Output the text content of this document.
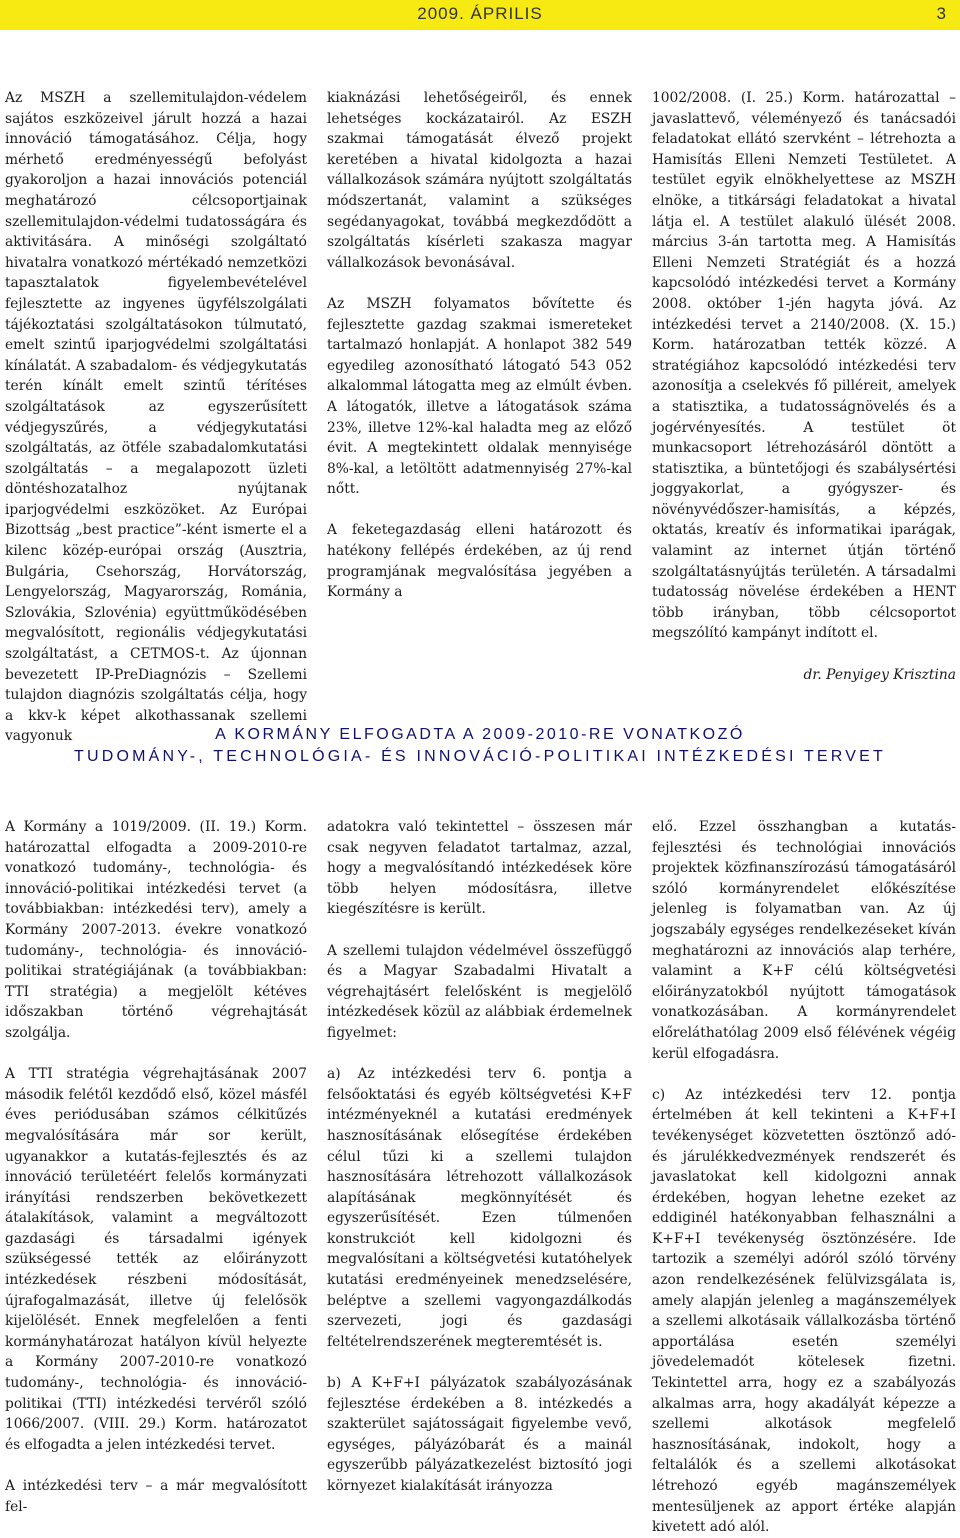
2009. ÁPRILIS	3

Az MSZH a szellemitulajdon-védelem sajátos eszközeivel járult hozzá a hazai innováció támogatásához. Célja, hogy mérhető eredményességű befolyást gyakoroljon a hazai innovációs potenciál meghatározó célcsoportjainak szellemitulajdon-védelmi tudatosságára és aktivitására. A minőségi szolgáltató hivatalra vonatkozó mértékadó nemzetközi tapasztalatok figyelembevételével fejlesztette az ingyenes ügyfélszolgálati tájékoztatási szolgáltatásokon túlmutató, emelt szintű iparjogvédelmi szolgáltatási kínálatát. A szabadalom- és védjegykutatás terén kínált emelt szintű térítéses szolgáltatások az egyszerűsített védjegyszűrés, a védjegykutatási szolgáltatás, az ötféle szabadalomkutatási szolgáltatás – a megalapozott üzleti döntéshozatalhoz nyújtanak iparjogvédelmi eszközöket. Az Európai Bizottság „best practice”-ként ismerte el a kilenc közép-európai ország (Ausztria, Bulgária, Csehország, Horvátország, Lengyelország, Magyarország, Románia, Szlovákia, Szlovénia) együttműködésében megvalósított, regionális védjegykutatási szolgáltatást, a CETMOS-t. Az újonnan bevezetett IP-PreDiagnózis – Szellemi tulajdon diagnózis szolgáltatás célja, hogy a kkv-k képet alkothassanak szellemi vagyonuk

kiaknázási lehetőségeiről, és ennek lehetséges kockázatairól. Az ESZH szakmai támogatását élvező projekt keretében a hivatal kidolgozta a hazai vállalkozások számára nyújtott szolgáltatás módszertanát, valamint a szükséges segédanyagokat, továbbá megkezdődött a szolgáltatás kísérleti szakasza magyar vállalkozások bevonásával.

Az MSZH folyamatos bővítette és fejlesztette gazdag szakmai ismereteket tartalmazó honlapját. A honlapot 382 549 egyedileg azonosítható látogató 543 052 alkalommal látogatta meg az elmúlt évben. A látogatók, illetve a látogatások száma 23%, illetve 12%-kal haladta meg az előző évit. A megtekintett oldalak mennyisége 8%-kal, a letöltött adatmennyiség 27%-kal nőtt.

A feketegazdaság elleni határozott és hatékony fellépés érdekében, az új rend programjának megvalósítása jegyében a Kormány a

1002/2008. (I. 25.) Korm. határozattal – javaslattevő, véleményező és tanácsadói feladatokat ellátó szervként – létrehozta a Hamisítás Elleni Nemzeti Testületet. A testület egyik elnökhelyettese az MSZH elnöke, a titkársági feladatokat a hivatal látja el. A testület alakuló ülését 2008. március 3-án tartotta meg. A Hamisítás Elleni Nemzeti Stratégiát és a hozzá kapcsolódó intézkedési tervet a Kormány 2008. október 1-jén hagyta jóvá. Az intézkedési tervet a 2140/2008. (X. 15.) Korm. határozatban tették közzé. A stratégiához kapcsolódó intézkedési terv azonosítja a cselekvés fő pilléreit, amelyek a statisztika, a tudatosságnövelés és a jogérvényesítés. A testület öt munkacsoport létrehozásáról döntött a statisztika, a büntetőjogi és szabálysértési joggyakorlat, a gyógyszer- és növényvédőszer-hamisítás, a képzés, oktatás, kreatív és informatikai iparágak, valamint az internet útján történő szolgáltatásnyújtás területén. A társadalmi tudatosság növelése érdekében a HENT több irányban, több célcsoportot megszólító kampányt indított el.

dr. Penyigey Krisztina

A KORMÁNY ELFOGADTA A 2009-2010-RE VONATKOZÓ
TUDOMÁNY-, TECHNOLÓGIA- ÉS INNOVÁCIÓ-POLITIKAI INTÉZKEDÉSI TERVET

A Kormány a 1019/2009. (II. 19.) Korm. határozattal elfogadta a 2009-2010-re vonatkozó tudomány-, technológia- és innováció-politikai intézkedési tervet (a továbbiakban: intézkedési terv), amely a Kormány 2007-2013. évekre vonatkozó tudomány-, technológia- és innováció-politikai stratégiájának (a továbbiakban: TTI stratégia) a megjelölt kétéves időszakban történő végrehajtását szolgálja.

A TTI stratégia végrehajtásának 2007 második felétől kezdődő első, közel másfél éves periódusában számos célkitűzés megvalósítására már sor került, ugyanakkor a kutatás-fejlesztés és az innováció területéért felelős kormányzati irányítási rendszerben bekövetkezett átalakítások, valamint a megváltozott gazdasági és társadalmi igények szükségessé tették az előirányzott intézkedések részbeni módosítását, újrafogalmazását, illetve új felelősök kijelölését. Ennek megfelelően a fenti kormányhatározat hatályon kívül helyezte a Kormány 2007-2010-re vonatkozó tudomány-, technológia- és innováció-politikai (TTI) intézkedési tervéről szóló 1066/2007. (VIII. 29.) Korm. határozatot és elfogadta a jelen intézkedési tervet.

A intézkedési terv – a már megvalósított fel-

adatokra való tekintettel – összesen már csak negyven feladatot tartalmaz, azzal, hogy a megvalósítandó intézkedések köre több helyen módosításra, illetve kiegészítésre is került.

A szellemi tulajdon védelmével összefüggő és a Magyar Szabadalmi Hivatalt a végrehajtásért felelősként is megjelölő intézkedések közül az alábbiak érdemelnek figyelmet:

a) Az intézkedési terv 6. pontja a felsőoktatási és egyéb költségvetési K+F intézményeknél a kutatási eredmények hasznosításának elősegítése érdekében célul tűzi ki a szellemi tulajdon hasznosítására létrehozott vállalkozások alapításának megkönnyítését és egyszerűsítését. Ezen túlmenően konstrukciót kell kidolgozni és megvalósítani a költségvetési kutatóhelyek kutatási eredményeinek menedzselésére, beléptve a szellemi vagyongazdálkodás szervezeti, jogi és gazdasági feltételrendszerének megteremtését is.

b) A K+F+I pályázatok szabályozásának fejlesztése érdekében a 8. intézkedés a szakterület sajátosságait figyelembe vevő, egységes, pályázóbarát és a mainál egyszerűbb pályázatkezelést biztosító jogi környezet kialakítását irányozza

elő. Ezzel összhangban a kutatás-fejlesztési és technológiai innovációs projektek közfinanszírozású támogatásáról szóló kormányrendelet előkészítése jelenleg is folyamatban van. Az új jogszabály egységes rendelkezéseket kíván meghatározni az innovációs alap terhére, valamint a K+F célú költségvetési előirányzatokból nyújtott támogatások vonatkozásában. A kormányrendelet előreláthatólag 2009 első félévének végéig kerül elfogadásra.

c) Az intézkedési terv 12. pontja értelmében át kell tekinteni a K+F+I tevékenységet közvetetten ösztönző adó- és járulékkedvezmények rendszerét és javaslatokat kell kidolgozni annak érdekében, hogyan lehetne ezeket az eddiginél hatékonyabban felhasználni a K+F+I tevékenység ösztönzésére. Ide tartozik a személyi adóról szóló törvény azon rendelkezésének felülvizsgálata is, amely alapján jelenleg a magánszemélyek a szellemi alkotásaik vállalkozásba történő apportálása esetén személyi jövedelemadót kötelesek fizetni. Tekintettel arra, hogy ez a szabályozás alkalmas arra, hogy akadályát képezze a szellemi alkotások megfelelő hasznosításának, indokolt, hogy a feltalálók és a szellemi alkotásokat létrehozó egyéb magánszemélyek mentesüljenek az apport értéke alapján kivetett adó alól.
